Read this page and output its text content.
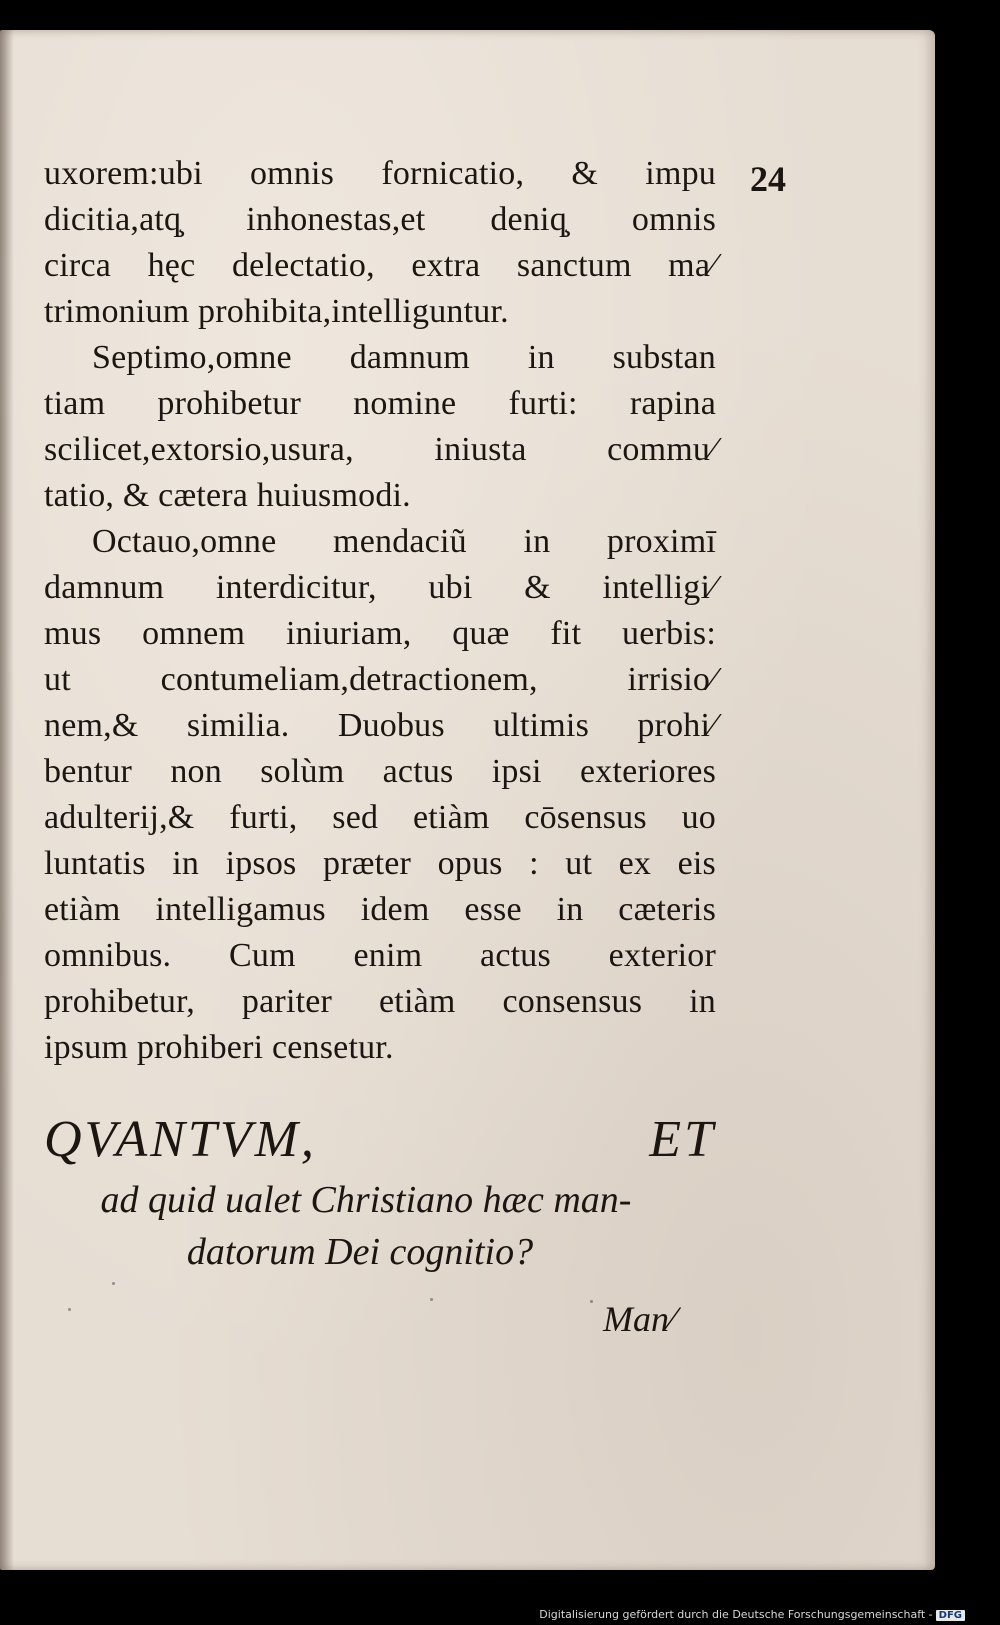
24
uxorem:ubi omnis fornicatio, & impu
dicitia,atq̧ inhonestas,et deniq̧ omnis
circa hęc delectatio, extra sanctum ma⁄
trimonium prohibita,intelliguntur.
Septimo,omne damnum in substan
tiam prohibetur nomine furti: rapina
scilicet,extorsio,usura, iniusta commu⁄
tatio, & cætera huiusmodi.
Octauo,omne mendaciũ in proximī
damnum interdicitur, ubi & intelligi⁄
mus omnem iniuriam, quæ fit uerbis:
ut contumeliam,detractionem, irrisio⁄
nem,& similia. Duobus ultimis prohi⁄
bentur non solùm actus ipsi exteriores
adulterij,& furti, sed etiàm cōsensus uo
luntatis in ipsos præter opus : ut ex eis
etiàm intelligamus idem esse in cæteris
omnibus. Cum enim actus exterior
prohibetur, pariter etiàm consensus in
ipsum prohiberi censetur.
QVANTVM, ET
ad quid ualet Christiano hæc man-
datorum Dei cognitio?
Man⁄
Digitalisierung gefördert durch die Deutsche Forschungsgemeinschaft - DFG
